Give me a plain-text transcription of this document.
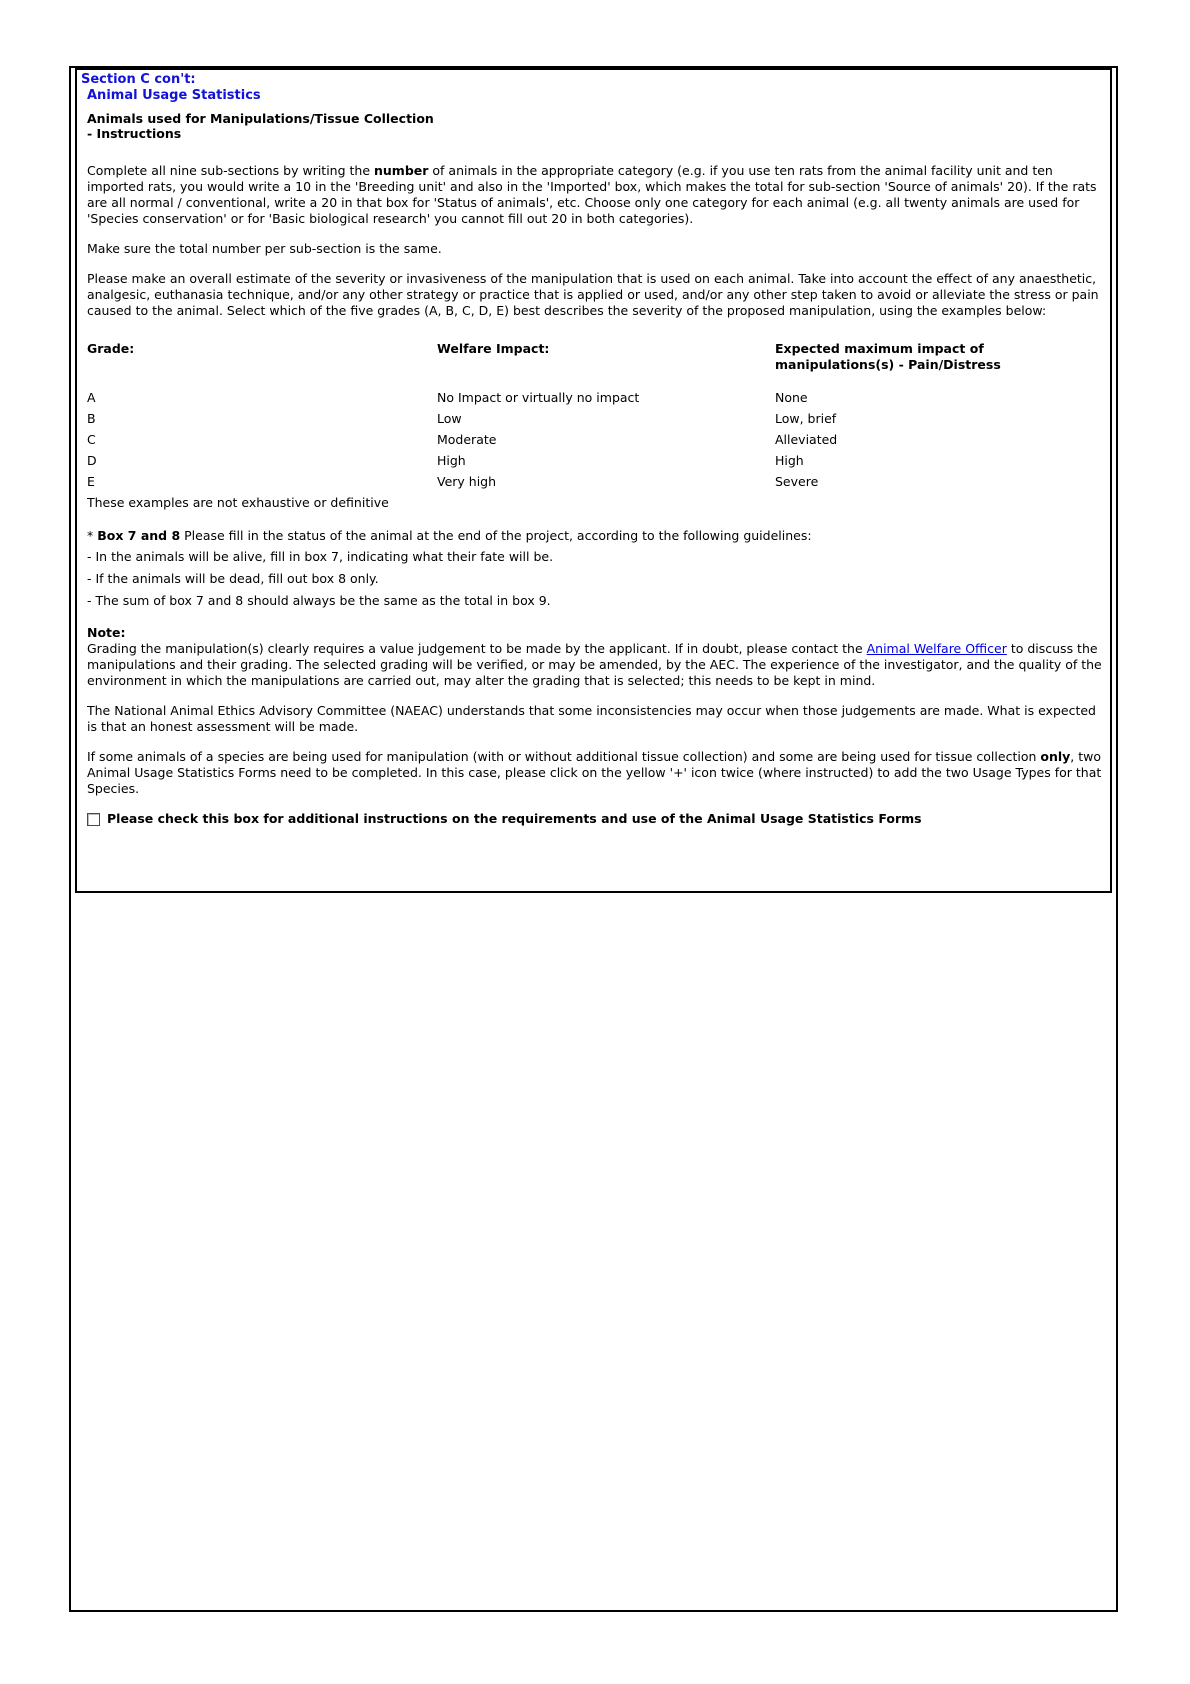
Section C con't:
Animal Usage Statistics
Animals used for Manipulations/Tissue Collection
- Instructions
Complete all nine sub-sections by writing the number of animals in the appropriate category (e.g. if you use ten rats from the animal facility unit and ten imported rats, you would write a 10 in the 'Breeding unit' and also in the 'Imported' box, which makes the total for sub-section 'Source of animals' 20). If the rats are all normal / conventional, write a 20 in that box for 'Status of animals', etc. Choose only one category for each animal (e.g. all twenty animals are used for 'Species conservation' or for 'Basic biological research' you cannot fill out 20 in both categories).
Make sure the total number per sub-section is the same.
Please make an overall estimate of the severity or invasiveness of the manipulation that is used on each animal. Take into account the effect of any anaesthetic, analgesic, euthanasia technique, and/or any other strategy or practice that is applied or used, and/or any other step taken to avoid or alleviate the stress or pain caused to the animal. Select which of the five grades (A, B, C, D, E) best describes the severity of the proposed manipulation, using the examples below:
Grade:	Welfare Impact:	Expected maximum impact of manipulations(s) - Pain/Distress
A	No Impact or virtually no impact	None
B	Low	Low, brief
C	Moderate	Alleviated
D	High	High
E	Very high	Severe
These examples are not exhaustive or definitive
* Box 7 and 8 Please fill in the status of the animal at the end of the project, according to the following guidelines:
- In the animals will be alive, fill in box 7, indicating what their fate will be.
- If the animals will be dead, fill out box 8 only.
- The sum of box 7 and 8 should always be the same as the total in box 9.
Note:
Grading the manipulation(s) clearly requires a value judgement to be made by the applicant. If in doubt, please contact the Animal Welfare Officer to discuss the manipulations and their grading. The selected grading will be verified, or may be amended, by the AEC. The experience of the investigator, and the quality of the environment in which the manipulations are carried out, may alter the grading that is selected; this needs to be kept in mind.
The National Animal Ethics Advisory Committee (NAEAC) understands that some inconsistencies may occur when those judgements are made. What is expected is that an honest assessment will be made.
If some animals of a species are being used for manipulation (with or without additional tissue collection) and some are being used for tissue collection only, two Animal Usage Statistics Forms need to be completed. In this case, please click on the yellow '+' icon twice (where instructed) to add the two Usage Types for that Species.
Please check this box for additional instructions on the requirements and use of the Animal Usage Statistics Forms
